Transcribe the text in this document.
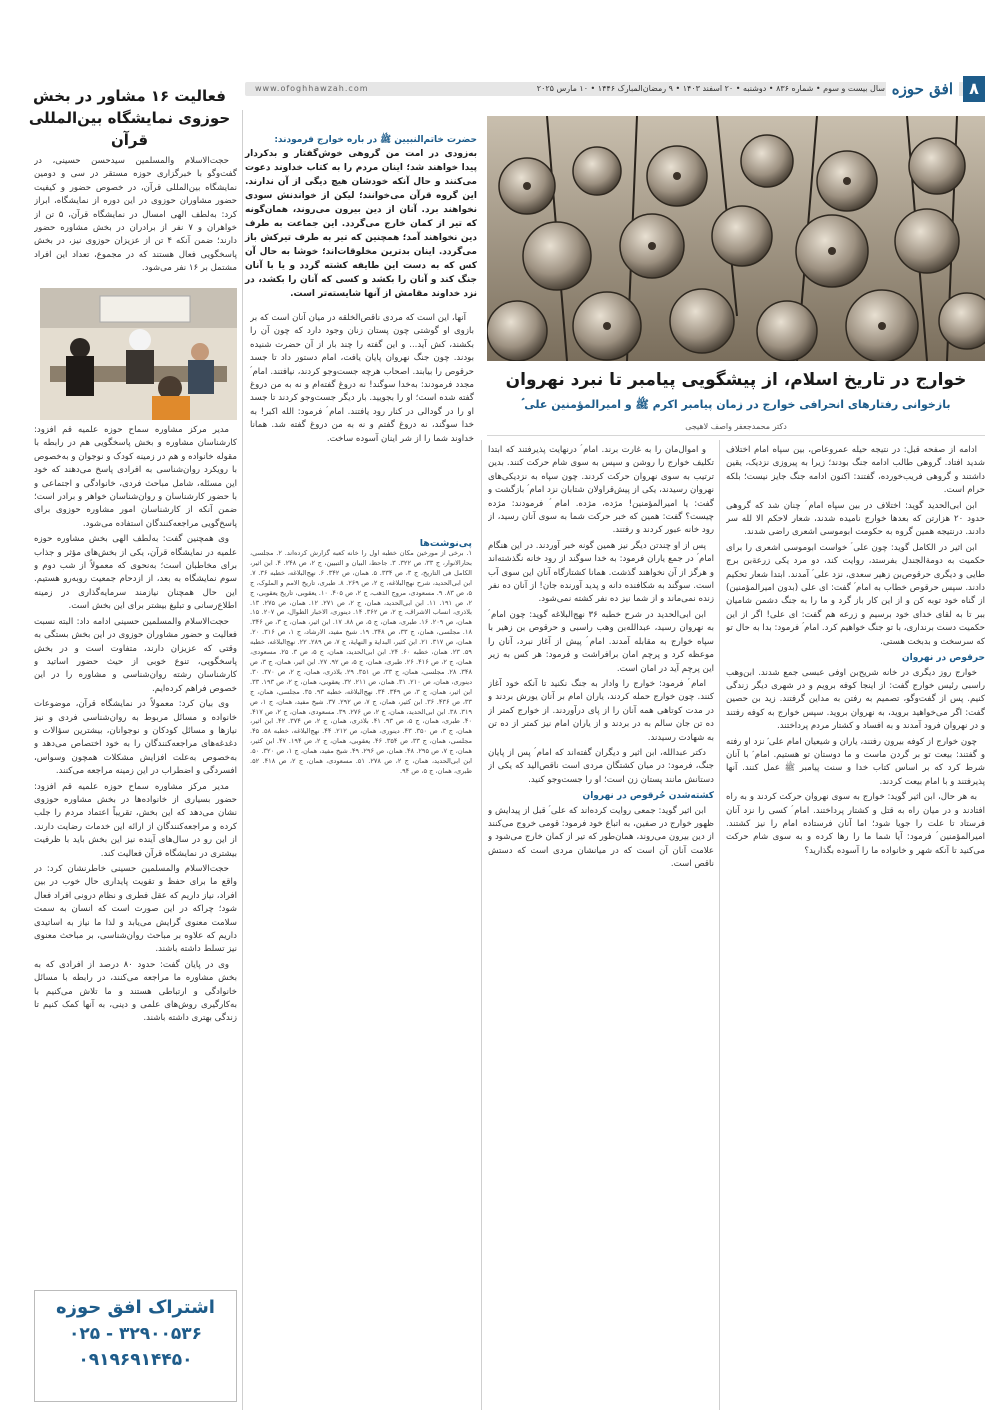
۸
افق حوزه
سال بیست و سوم • شماره ۸۳۶ • دوشنبه • ۲۰ اسفند ۱۴۰۳ • ۹ رمضان‌المبارک ۱۴۴۶ • ۱۰ مارس ۲۰۲۵
www.ofoghhawzah.com
خوارج در تاریخ اسلام، از پیشگویی پیامبر تا نبرد نهروان
بازخوانی رفتارهای انحرافی خوارج در زمان پیامبر اکرم ﷺ و امیرالمؤمنین علی ؑ
دکتر محمدجعفر واصف لاهیجی
حضرت خاتم‌النبیین ﷺ در باره خوارج فرمودند:
به‌زودی در امت من گروهی خوش‌گفتار و بدکردار پیدا خواهند شد؛ اینان مردم را به کتاب خداوند دعوت می‌کنند و حال آنکه خودشان هیچ دیگی از آن ندارند. این گروه قرآن می‌خوانند؛ لیکن از خواندنش سودی نخواهند برد. آنان از دین بیرون می‌روند، همان‌گونه که تیر از کمان خارج می‌گردد. این جماعت به طرف دین نخواهند آمد؛ همچنین که تیر به طرف تیرکش باز می‌گردد. اینان بدترین مخلوقات‌اند؛ خوشا به حال آن کس که به دست این طایفه کشته گردد و یا با آنان جنگ کند و آنان را بکشد و کسی که آنان را بکشد، در نزد خداوند مقامش از آنها شایسته‌تر است.

ادامه از صفحه قبل: در نتیجه حیله عمروعاص، بین سپاه امام اختلاف شدید افتاد. گروهی طالب ادامه جنگ بودند؛ زیرا به پیروزی نزدیک، یقین داشتند و گروهی فریب‌خورده، گفتند: اکنون ادامه جنگ جایز نیست؛ بلکه حرام است.

ابن ابی‌الحدید گوید: اختلاف در بین سپاه امام ؑ چنان شد که گروهی حدود ۲۰ هزارتن که بعدها خوارج نامیده شدند، شعار لاحکم الا لله سر دادند. درنتیجه همین گروه به حکومت ابوموسی اشعری راضی شدند.

ابن اثیر در الکامل گوید: چون علی ؑ خواست ابوموسی اشعری را برای حکمیت به دومة‌الجندل بفرستد، روایت کند، دو مرد یکی زرعة‌بن برج طایی و دیگری حرقوص‌بن زهیر سعدی، نزد علی ؑ آمدند. ابتدا شعار تحکیم دادند. سپس حرقوص خطاب به امام ؑ گفت: ای علی (بدون امیرالمؤمنین) از گناه خود توبه کن و از این کار باز گرد و ما را به جنگ دشمن شامیان ببر تا به لقای خدای خود برسیم و زرعه هم گفت: ای علی! اگر از این حکمیت دست برنداری، با تو جنگ خواهیم کرد. امام ؑ فرمود: بدا به حال تو که سرسخت و بدبخت هستی.

حرقوص در نهروان

خوارج روز دیگری در خانه شریح‌بن اوفی عبسی جمع شدند. ابن‌وهب راسبی رئیس خوارج گفت: از اینجا کوفه برویم و در شهری دیگر زندگی کنیم. پس از گفت‌وگو، تصمیم به رفتن به مداین گرفتند. زید بن حصین گفت: اگر می‌خواهید بروید، به نهروان بروید. سپس خوارج به کوفه رفتند و در نهروان فرود آمدند و به افساد و کشتار مردم پرداختند.

چون خوارج از کوفه بیرون رفتند، یاران و شیعیان امام علی ؑ نزد او رفته و گفتند: بیعت تو بر گردن ماست و ما دوستان تو هستیم. امام ؑ با آنان شرط کرد که بر اساس کتاب خدا و سنت پیامبر ﷺ عمل کنند. آنها پذیرفتند و با امام بیعت کردند.

به هر حال، ابن اثیر گوید: خوارج به سوی نهروان حرکت کردند و به راه افتادند و در میان راه به قتل و کشتار پرداختند. امام ؑ کسی را نزد آنان فرستاد تا علت را جویا شود؛ اما آنان فرستاده امام را نیز کشتند. امیرالمؤمنین ؑ فرمود: آیا شما ما را رها کرده و به سوی شام حرکت می‌کنید تا آنکه شهر و خانواده ما را آسوده بگذارید؟

و اموال‌مان را به غارت برند. امام ؑ درنهایت پذیرفتند که ابتدا تکلیف خوارج را روشن و سپس به سوی شام حرکت کنند. بدین ترتیب به سوی نهروان حرکت کردند. چون سپاه به نزدیکی‌های نهروان رسیدند، یکی از پیش‌قراولان شتابان نزد امام ؑ بازگشت و گفت: یا امیرالمؤمنین! مژده، مژده. امام ؑ فرمودند: مژده چیست؟ گفت: همین که خبر حرکت شما به سوی آنان رسید، از رود خانه عبور کردند و رفتند.

پس از او چندتن دیگر نیز همین گونه خبر آوردند. در این هنگام امام ؑ در جمع یاران فرمود: به خدا سوگند از رود خانه نگذشته‌اند و هرگز از آن نخواهند گذشت. همانا کشتارگاه آنان این سوی آب است. سوگند به شکافنده دانه و پدید آورنده جان! از آنان ده نفر زنده نمی‌ماند و از شما نیز ده نفر کشته نمی‌شود.

ابن ابی‌الحدید در شرح خطبه ۳۶ نهج‌البلاغه گوید: چون امام ؑ به نهروان رسید، عبدالله‌بن وهب راسبی و حرقوص بن زهیر با سپاه خوارج به مقابله آمدند. امام ؑ پیش از آغاز نبرد، آنان را موعظه کرد و پرچم امان برافراشت و فرمود: هر کس به زیر این پرچم آید در امان است.

امام ؑ فرمود: خوارج را وادار به جنگ نکنید تا آنکه خود آغاز کنند. چون خوارج حمله کردند، یاران امام بر آنان یورش بردند و در مدت کوتاهی همه آنان را از پای درآوردند. از خوارج کمتر از ده تن جان سالم به در بردند و از یاران امام نیز کمتر از ده تن به شهادت رسیدند.

دکتر عبدالله، ابن اثیر و دیگران گفته‌اند که امام ؑ پس از پایان جنگ، فرمود: در میان کشتگان مردی است ناقص‌الید که یکی از دستانش مانند پستان زن است؛ او را جست‌وجو کنید.

کشته‌شدن حُرقوص در نهروان

ابن اثیر گوید: جمعی روایت کرده‌اند که علی ؑ قبل از پیدایش و ظهور خوارج در صفین، به اتباع خود فرمود: قومی خروج می‌کنند از دین بیرون می‌روند، همان‌طور که تیر از کمان خارج می‌شود و علامت آنان آن است که در میانشان مردی است که دستش ناقص است.

آنها، این است که مردی ناقص‌الخلقه در میان آنان است که بر بازوی او گوشتی چون پستان زنان وجود دارد که چون آن را بکشند، کش آید... و این گفته را چند بار از آن حضرت شنیده بودند. چون جنگ نهروان پایان یافت، امام دستور داد تا جسد حرقوص را بیابند. اصحاب هرچه جست‌وجو کردند، نیافتند. امام ؑ مجدد فرمودند: به‌خدا سوگند! نه دروغ گفته‌ام و نه به من دروغ گفته شده است؛ او را بجویید. بار دیگر جست‌وجو کردند تا جسد او را در گودالی در کنار رود یافتند. امام ؑ فرمود: الله اکبر! به خدا سوگند، نه دروغ گفتم و نه به من دروغ گفته شد. همانا خداوند شما را از شر اینان آسوده ساخت.

پی‌نوشت‌ها
۱. برخی از مورخین مکان خطبه اول را خانه کعبه گزارش کرده‌اند. ۲. مجلسی، بحارالانوار، ج ۳۳، ص ۳۲۲. ۳. جاحظ، البیان و التبیین، ج ۲، ص ۲۴۸. ۴. ابن اثیر، الکامل فی التاریخ، ج ۳، ص ۳۳۴. ۵. همان، ص ۳۴۲. ۶. نهج‌البلاغه، خطبه ۳۶. ۷. ابن ابی‌الحدید، شرح نهج‌البلاغه، ج ۲، ص ۲۶۹. ۸. طبری، تاریخ الامم و الملوک، ج ۵، ص ۸۳. ۹. مسعودی، مروج الذهب، ج ۲، ص ۴۰۵. ۱۰. یعقوبی، تاریخ یعقوبی، ج ۲، ص ۱۹۱. ۱۱. ابن ابی‌الحدید، همان، ج ۲، ص ۲۷۱. ۱۲. همان، ص ۲۷۵. ۱۳. بلاذری، انساب الاشراف، ج ۲، ص ۳۶۲. ۱۴. دینوری، الاخبار الطوال، ص ۲۰۷. ۱۵. همان، ص ۲۰۹. ۱۶. طبری، همان، ج ۵، ص ۸۸. ۱۷. ابن اثیر، همان، ج ۳، ص ۳۴۶. ۱۸. مجلسی، همان، ج ۳۳، ص ۳۴۸. ۱۹. شیخ مفید، الارشاد، ج ۱، ص ۳۱۶. ۲۰. همان، ص ۳۱۷. ۲۱. ابن کثیر، البدایة و النهایة، ج ۷، ص ۲۸۹. ۲۲. نهج‌البلاغه، خطبه ۵۹. ۲۳. همان، خطبه ۶۰. ۲۴. ابن ابی‌الحدید، همان، ج ۵، ص ۳. ۲۵. مسعودی، همان، ج ۲، ص ۴۱۶. ۲۶. طبری، همان، ج ۵، ص ۹۲. ۲۷. ابن اثیر، همان، ج ۳، ص ۳۴۸. ۲۸. مجلسی، همان، ج ۳۳، ص ۳۵۱. ۲۹. بلاذری، همان، ج ۲، ص ۳۷۰. ۳۰. دینوری، همان، ص ۲۱۰. ۳۱. همان، ص ۲۱۱. ۳۲. یعقوبی، همان، ج ۲، ص ۱۹۳. ۳۳. ابن اثیر، همان، ج ۳، ص ۳۴۹. ۳۴. نهج‌البلاغه، خطبه ۹۳. ۳۵. مجلسی، همان، ج ۳۳، ص ۴۳۶. ۳۶. ابن کثیر، همان، ج ۷، ص ۲۹۲. ۳۷. شیخ مفید، همان، ج ۱، ص ۳۱۹. ۳۸. ابن ابی‌الحدید، همان، ج ۲، ص ۲۷۶. ۳۹. مسعودی، همان، ج ۲، ص ۴۱۷. ۴۰. طبری، همان، ج ۵، ص ۹۳. ۴۱. بلاذری، همان، ج ۲، ص ۳۷۴. ۴۲. ابن اثیر، همان، ج ۳، ص ۳۵۰. ۴۳. دینوری، همان، ص ۲۱۲. ۴۴. نهج‌البلاغه، خطبه ۵۸. ۴۵. مجلسی، همان، ج ۳۳، ص ۳۵۴. ۴۶. یعقوبی، همان، ج ۲، ص ۱۹۴. ۴۷. ابن کثیر، همان، ج ۷، ص ۲۹۵. ۴۸. همان، ص ۲۹۶. ۴۹. شیخ مفید، همان، ج ۱، ص ۳۲۰. ۵۰. ابن ابی‌الحدید، همان، ج ۲، ص ۲۷۸. ۵۱. مسعودی، همان، ج ۲، ص ۴۱۸. ۵۲. طبری، همان، ج ۵، ص ۹۴.
فعالیت ۱۶ مشاور در بخش حوزوی نمایشگاه بین‌المللی قرآن

حجت‌الاسلام والمسلمین سیدحسن حسینی، در گفت‌وگو با خبرگزاری حوزه مستقر در سی و دومین نمایشگاه بین‌المللی قرآن، در خصوص حضور و کیفیت حضور مشاوران حوزوی در این دوره از نمایشگاه، ابراز کرد: به‌لطف الهی امسال در نمایشگاه قرآن، ۵ تن از خواهران و ۷ نفر از برادران در بخش مشاوره حضور دارند؛ ضمن آنکه ۴ تن از عزیزان حوزوی نیز، در بخش پاسخگویی فعال هستند که در مجموع، تعداد این افراد مشتمل بر ۱۶ نفر می‌شود.

مدیر مرکز مشاوره سماح حوزه علمیه قم افزود: کارشناسان مشاوره و بخش پاسخگویی هم در رابطه با مقوله خانواده و هم در زمینه کودک و نوجوان و به‌خصوص با رویکرد روان‌شناسی به افرادی پاسخ می‌دهند که خود این مسئله، شامل مباحث فردی، خانوادگی و اجتماعی و با حضور کارشناسان و روان‌شناسان خواهر و برادر است؛ ضمن آنکه از کارشناسان امور مشاوره حوزوی برای پاسخ‌گویی مراجعه‌کنندگان استفاده می‌شود.

وی همچنین گفت: به‌لطف الهی بخش مشاوره حوزه علمیه در نمایشگاه قرآن، یکی از بخش‌های مؤثر و جذاب برای مخاطبان است؛ به‌نحوی که معمولاً از شب دوم و سوم نمایشگاه به بعد، از ازدحام جمعیت روبه‌رو هستیم. این حال همچنان نیازمند سرمایه‌گذاری در زمینه اطلاع‌رسانی و تبلیغ بیشتر برای این بخش است.

حجت‌الاسلام والمسلمین حسینی ادامه داد: البته نسبت فعالیت و حضور مشاوران حوزوی در این بخش بستگی به وقتی که عزیزان دارند، متفاوت است و در بخش پاسخگویی، تنوع خوبی از حیث حضور اساتید و کارشناسان رشته روان‌شناسی و مشاوره را در این خصوص فراهم کرده‌ایم.

وی بیان کرد: معمولاً در نمایشگاه قرآن، موضوعات خانواده و مسائل مربوط به روان‌شناسی فردی و نیز نیازها و مسائل کودکان و نوجوانان، بیشترین سؤالات و دغدغه‌های مراجعه‌کنندگان را به خود اختصاص می‌دهد و به‌خصوص به‌علت افزایش مشکلات همچون وسواس، افسردگی و اضطراب در این زمینه مراجعه می‌کنند.

مدیر مرکز مشاوره سماح حوزه علمیه قم افزود: حضور بسیاری از خانواده‌ها در بخش مشاوره حوزوی نشان می‌دهد که این بخش، تقریباً اعتماد مردم را جلب کرده و مراجعه‌کنندگان از ارائه این خدمات رضایت دارند. از این رو در سال‌های آینده نیز این بخش باید با ظرفیت بیشتری در نمایشگاه قرآن فعالیت کند.

حجت‌الاسلام والمسلمین حسینی خاطرنشان کرد: در واقع ما برای حفظ و تقویت پایداری حال خوب در بین افراد، نیاز داریم که عقل فطری و نظام درونی افراد فعال شود؛ چراکه در این صورت است که انسان به سمت سلامت معنوی گرایش می‌یابد و لذا ما نیاز به اساتیدی داریم که علاوه بر مباحث روان‌شناسی، بر مباحث معنوی نیز تسلط داشته باشند.

وی در پایان گفت: حدود ۸۰ درصد از افرادی که به بخش مشاوره ما مراجعه می‌کنند، در رابطه با مسائل خانوادگی و ارتباطی هستند و ما تلاش می‌کنیم با به‌کارگیری روش‌های علمی و دینی، به آنها کمک کنیم تا زندگی بهتری داشته باشند.

اشتراک افق حوزه
۰۲۵ - ۳۲۹۰۰۵۳۶
۰۹۱۹۶۹۱۴۴۵۰
